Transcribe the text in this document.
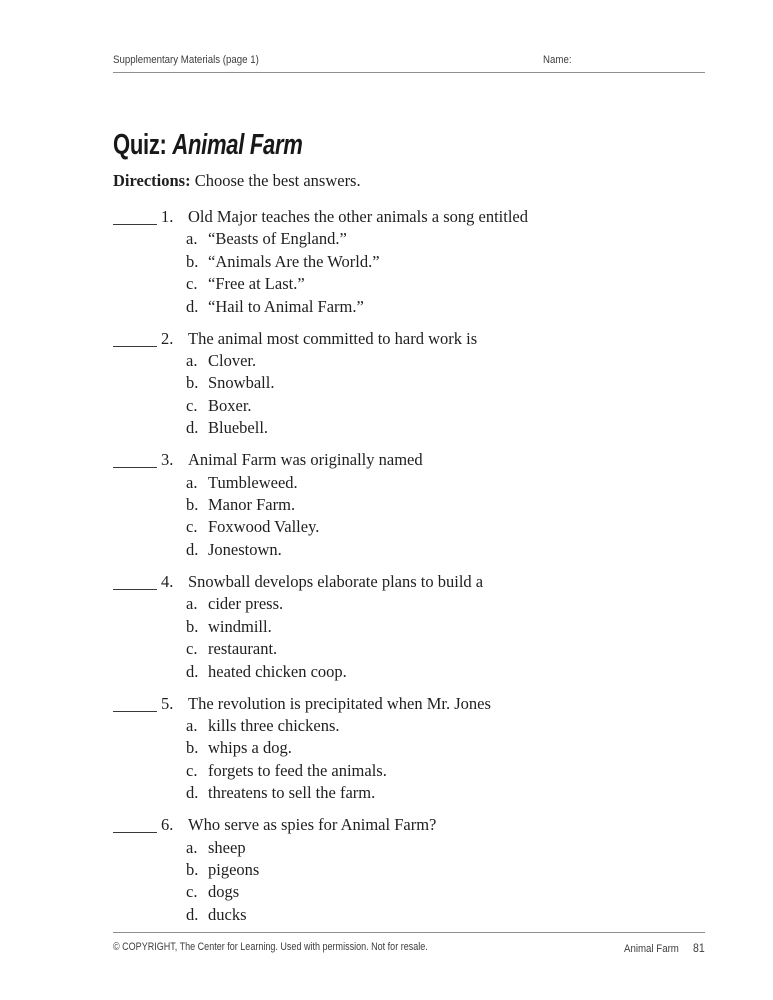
Supplementary Materials (page 1)	Name:
Quiz: Animal Farm
Directions: Choose the best answers.
1. Old Major teaches the other animals a song entitled
a. “Beasts of England.”
b. “Animals Are the World.”
c. “Free at Last.”
d. “Hail to Animal Farm.”
2. The animal most committed to hard work is
a. Clover.
b. Snowball.
c. Boxer.
d. Bluebell.
3. Animal Farm was originally named
a. Tumbleweed.
b. Manor Farm.
c. Foxwood Valley.
d. Jonestown.
4. Snowball develops elaborate plans to build a
a. cider press.
b. windmill.
c. restaurant.
d. heated chicken coop.
5. The revolution is precipitated when Mr. Jones
a. kills three chickens.
b. whips a dog.
c. forgets to feed the animals.
d. threatens to sell the farm.
6. Who serve as spies for Animal Farm?
a. sheep
b. pigeons
c. dogs
d. ducks
© COPYRIGHT, The Center for Learning. Used with permission. Not for resale.	Animal Farm 81
